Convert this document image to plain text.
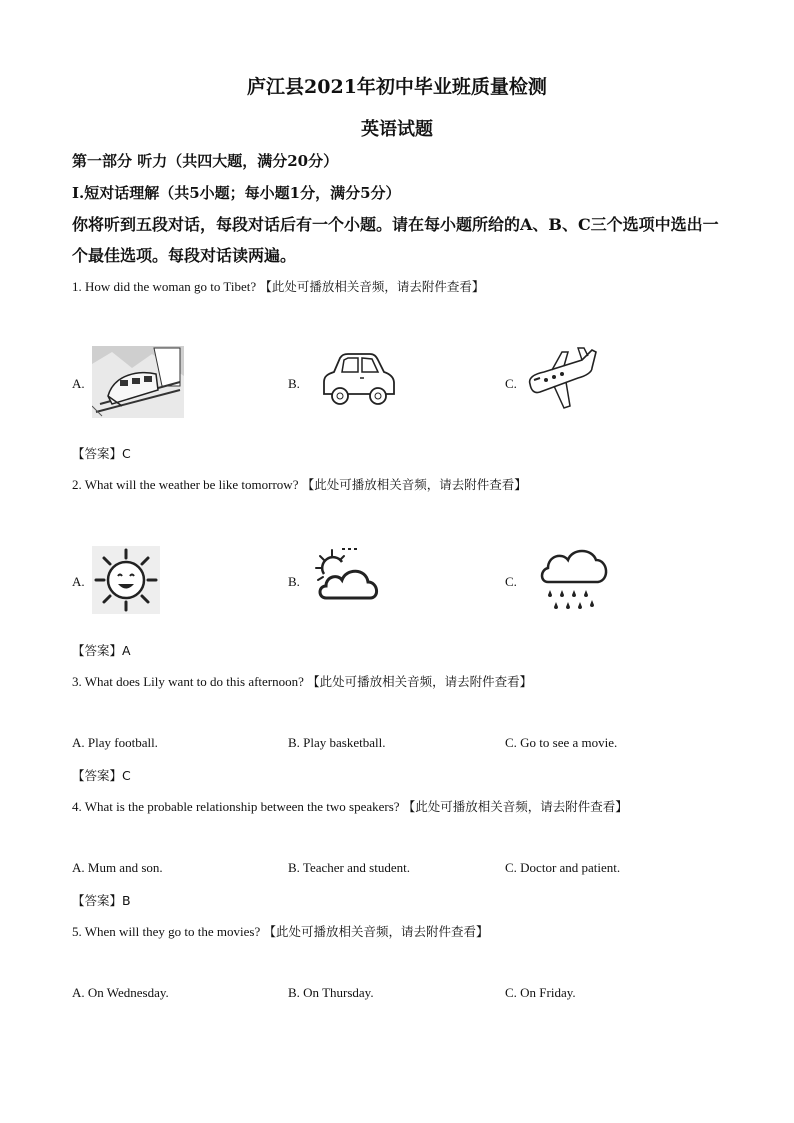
庐江县2021年初中毕业班质量检测
英语试题
第一部分 听力（共四大题，满分20分）
I.短对话理解（共5小题；每小题1分，满分5分）
你将听到五段对话，每段对话后有一个小题。请在每小题所给的A、B、C三个选项中选出一
个最佳选项。每段对话读两遍。
1. How did the woman go to Tibet? 【此处可播放相关音频，请去附件查看】
A.	B.	C.
【答案】C
2. What will the weather be like tomorrow? 【此处可播放相关音频，请去附件查看】
A.	B.	C.
【答案】A
3. What does Lily want to do this afternoon? 【此处可播放相关音频，请去附件查看】
A. Play football.	B. Play basketball.	C. Go to see a movie.
【答案】C
4. What is the probable relationship between the two speakers? 【此处可播放相关音频，请去附件查看】
A. Mum and son.	B. Teacher and student.	C. Doctor and patient.
【答案】B
5. When will they go to the movies? 【此处可播放相关音频，请去附件查看】
A. On Wednesday.	B. On Thursday.	C. On Friday.
